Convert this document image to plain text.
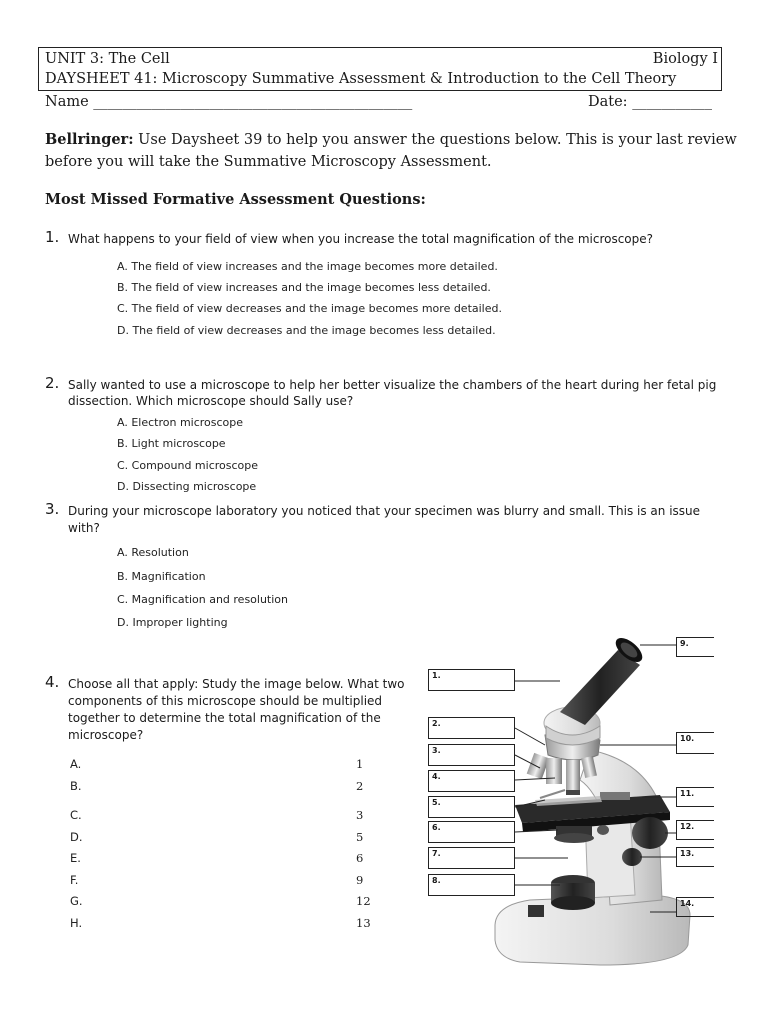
UNIT 3: The Cell	Biology I
DAYSHEET 41: Microscopy Summative Assessment & Introduction to the Cell Theory
Name ____________________________________________	Date: ___________
Bellringer: Use Daysheet 39 to help you answer the questions below. This is your last review
before you will take the Summative Microscopy Assessment.
Most Missed Formative Assessment Questions:
1. What happens to your field of view when you increase the total magnification of the microscope?
A. The field of view increases and the image becomes more detailed.
B. The field of view increases and the image becomes less detailed.
C. The field of view decreases and the image becomes more detailed.
D. The field of view decreases and the image becomes less detailed.
2. Sally wanted to use a microscope to help her better visualize the chambers of the heart during her fetal pig
dissection. Which microscope should Sally use?
A. Electron microscope
B. Light microscope
C. Compound microscope
D. Dissecting microscope
3. During your microscope laboratory you noticed that your specimen was blurry and small. This is an issue
with?
A. Resolution
B. Magnification
C. Magnification and resolution
D. Improper lighting
4. Choose all that apply: Study the image below. What two
components of this microscope should be multiplied
together to determine the total magnification of the
microscope?
A.	1
B.	2
C.	3
D.	5
E.	6
F.	9
G.	12
H.	13
1.
2.
3.
4.
5.
6.
7.
8.
9.
10.
11.
12.
13.
14.
